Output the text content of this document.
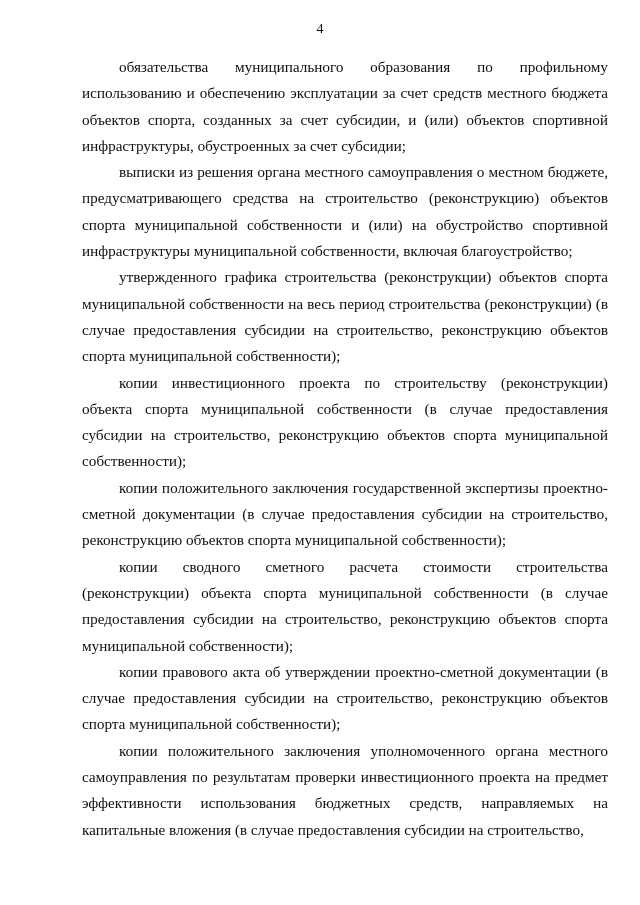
4

обязательства муниципального образования по профильному использованию и обеспечению эксплуатации за счет средств местного бюджета объектов спорта, созданных за счет субсидии, и (или) объектов спортивной инфраструктуры, обустроенных за счет субсидии;

выписки из решения органа местного самоуправления о местном бюджете, предусматривающего средства на строительство (реконструкцию) объектов спорта муниципальной собственности и (или) на обустройство спортивной инфраструктуры муниципальной собственности, включая благоустройство;

утвержденного графика строительства (реконструкции) объектов спорта муниципальной собственности на весь период строительства (реконструкции) (в случае предоставления субсидии на строительство, реконструкцию объектов спорта муниципальной собственности);

копии инвестиционного проекта по строительству (реконструкции) объекта спорта муниципальной собственности (в случае предоставления субсидии на строительство, реконструкцию объектов спорта муниципальной собственности);

копии положительного заключения государственной экспертизы проектно-сметной документации (в случае предоставления субсидии на строительство, реконструкцию объектов спорта муниципальной собственности);

копии сводного сметного расчета стоимости строительства (реконструкции) объекта спорта муниципальной собственности (в случае предоставления субсидии на строительство, реконструкцию объектов спорта муниципальной собственности);

копии правового акта об утверждении проектно-сметной документации (в случае предоставления субсидии на строительство, реконструкцию объектов спорта муниципальной собственности);

копии положительного заключения уполномоченного органа местного самоуправления по результатам проверки инвестиционного проекта на предмет эффективности использования бюджетных средств, направляемых на капитальные вложения (в случае предоставления субсидии на строительство,
